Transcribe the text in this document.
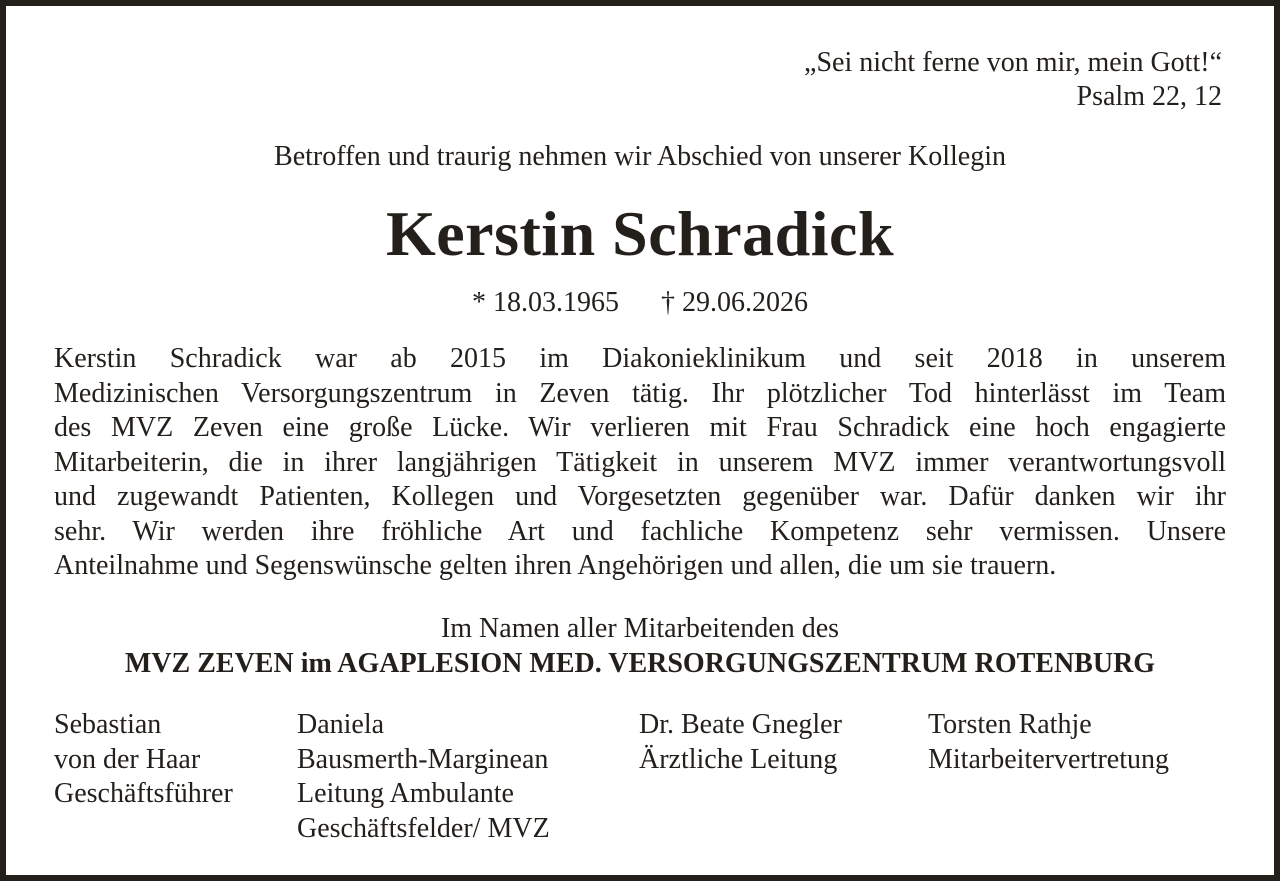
„Sei nicht ferne von mir, mein Gott!“
Psalm 22, 12
Betroffen und traurig nehmen wir Abschied von unserer Kollegin
Kerstin Schradick
* 18.03.1965 † 29.06.2026
Kerstin Schradick war ab 2015 im Diakonieklinikum und seit 2018 in unserem
Medizinischen Versorgungszentrum in Zeven tätig. Ihr plötzlicher Tod hinterlässt im Team
des MVZ Zeven eine große Lücke. Wir verlieren mit Frau Schradick eine hoch engagierte
Mitarbeiterin, die in ihrer langjährigen Tätigkeit in unserem MVZ immer verantwortungsvoll
und zugewandt Patienten, Kollegen und Vorgesetzten gegenüber war. Dafür danken wir ihr
sehr. Wir werden ihre fröhliche Art und fachliche Kompetenz sehr vermissen. Unsere
Anteilnahme und Segenswünsche gelten ihren Angehörigen und allen, die um sie trauern.
Im Namen aller Mitarbeitenden des
MVZ ZEVEN im AGAPLESION MED. VERSORGUNGSZENTRUM ROTENBURG
Sebastian
von der Haar
Geschäftsführer
Daniela
Bausmerth-Marginean
Leitung Ambulante
Geschäftsfelder/ MVZ
Dr. Beate Gnegler
Ärztliche Leitung
Torsten Rathje
Mitarbeitervertretung
